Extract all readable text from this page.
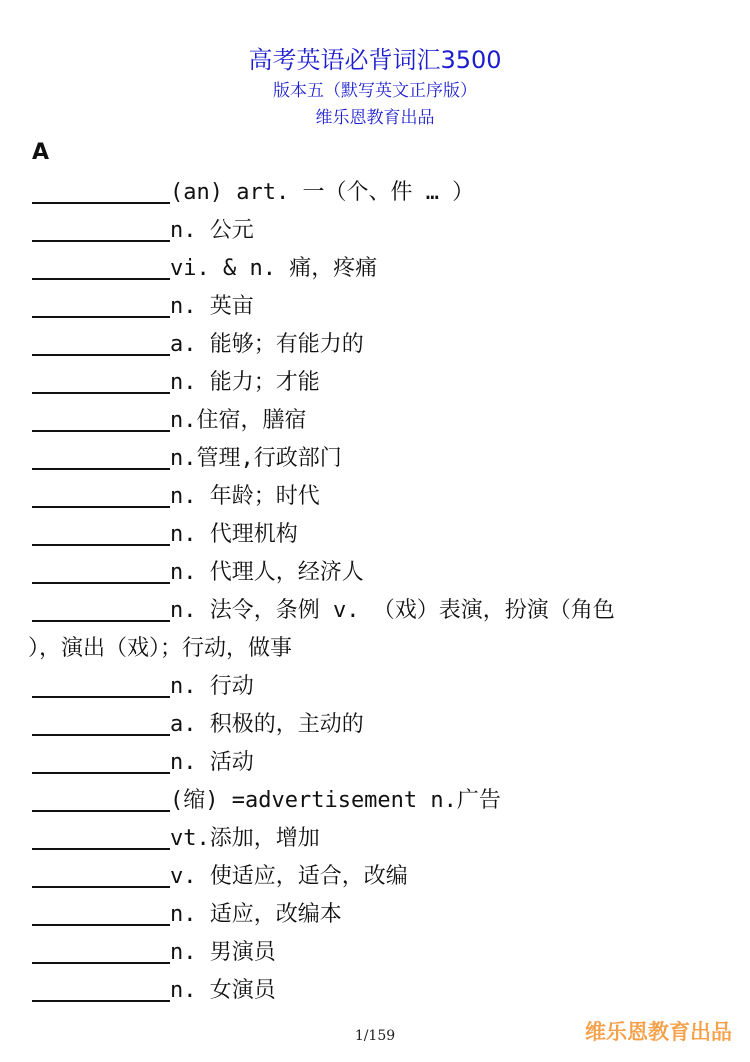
高考英语必背词汇3500
版本五（默写英文正序版）
维乐恩教育出品
A
(an) art. 一（个、件 … ）
n. 公元
vi. & n. 痛，疼痛
n. 英亩
a. 能够；有能力的
n. 能力；才能
n.住宿，膳宿
n.管理,行政部门
n. 年龄；时代
n. 代理机构
n. 代理人，经济人
n. 法令，条例 v. （戏）表演，扮演（角色
），演出（戏）；行动，做事
n. 行动
a. 积极的，主动的
n. 活动
(缩) =advertisement n.广告
vt.添加，增加
v. 使适应，适合，改编
n. 适应，改编本
n. 男演员
n. 女演员
1/159	维乐恩教育出品
